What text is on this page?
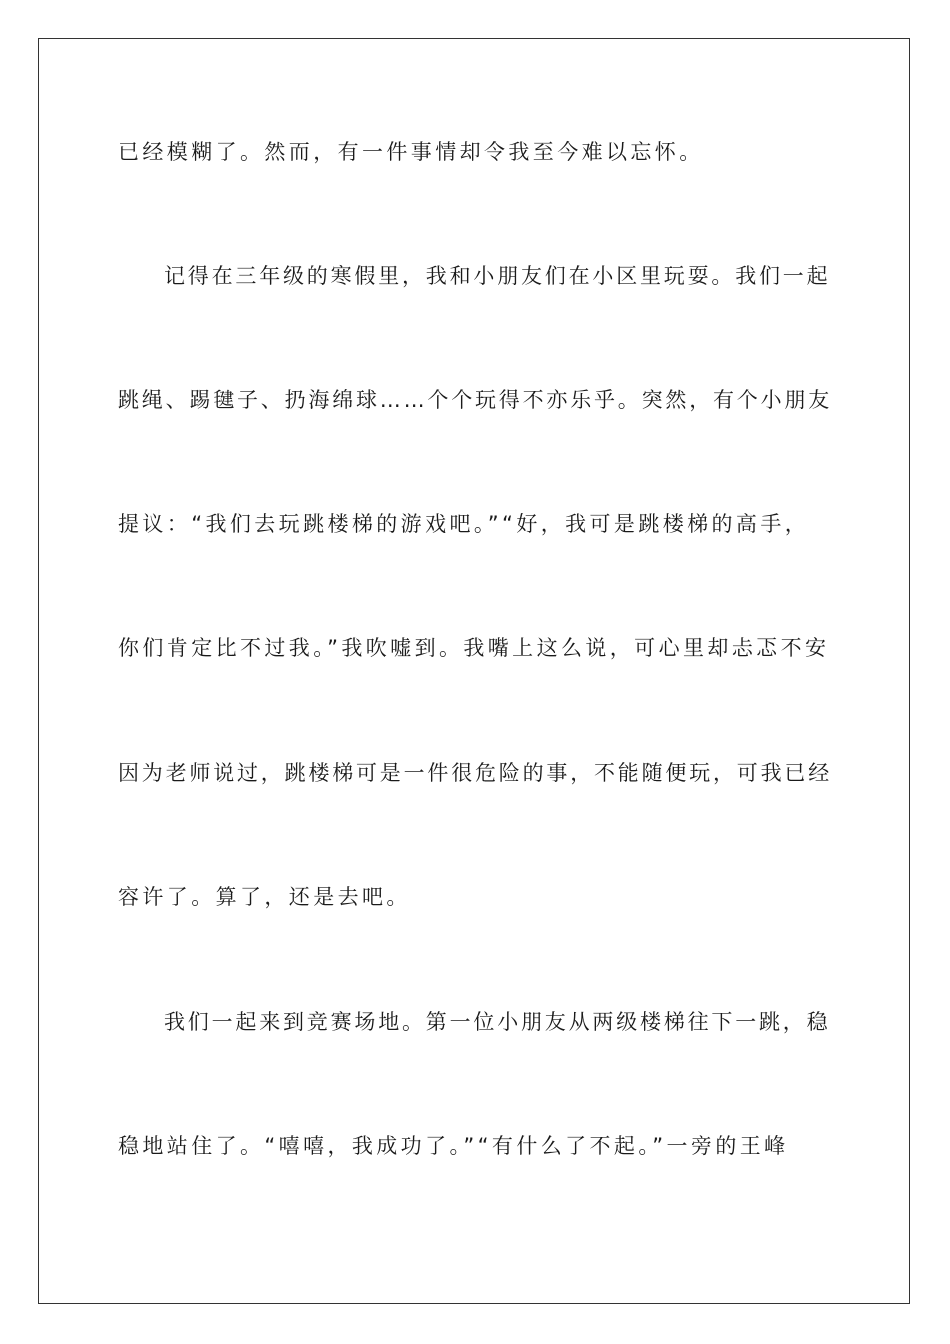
已经模糊了。然而，有一件事情却令我至今难以忘怀。
记得在三年级的寒假里，我和小朋友们在小区里玩耍。我们一起
跳绳、踢毽子、扔海绵球……个个玩得不亦乐乎。突然，有个小朋友
提议：“我们去玩跳楼梯的游戏吧。”“好，我可是跳楼梯的高手，
你们肯定比不过我。”我吹嘘到。我嘴上这么说，可心里却忐忑不安
因为老师说过，跳楼梯可是一件很危险的事，不能随便玩，可我已经
容许了。算了，还是去吧。
我们一起来到竞赛场地。第一位小朋友从两级楼梯往下一跳，稳
稳地站住了。“嘻嘻，我成功了。”“有什么了不起。”一旁的王峰
